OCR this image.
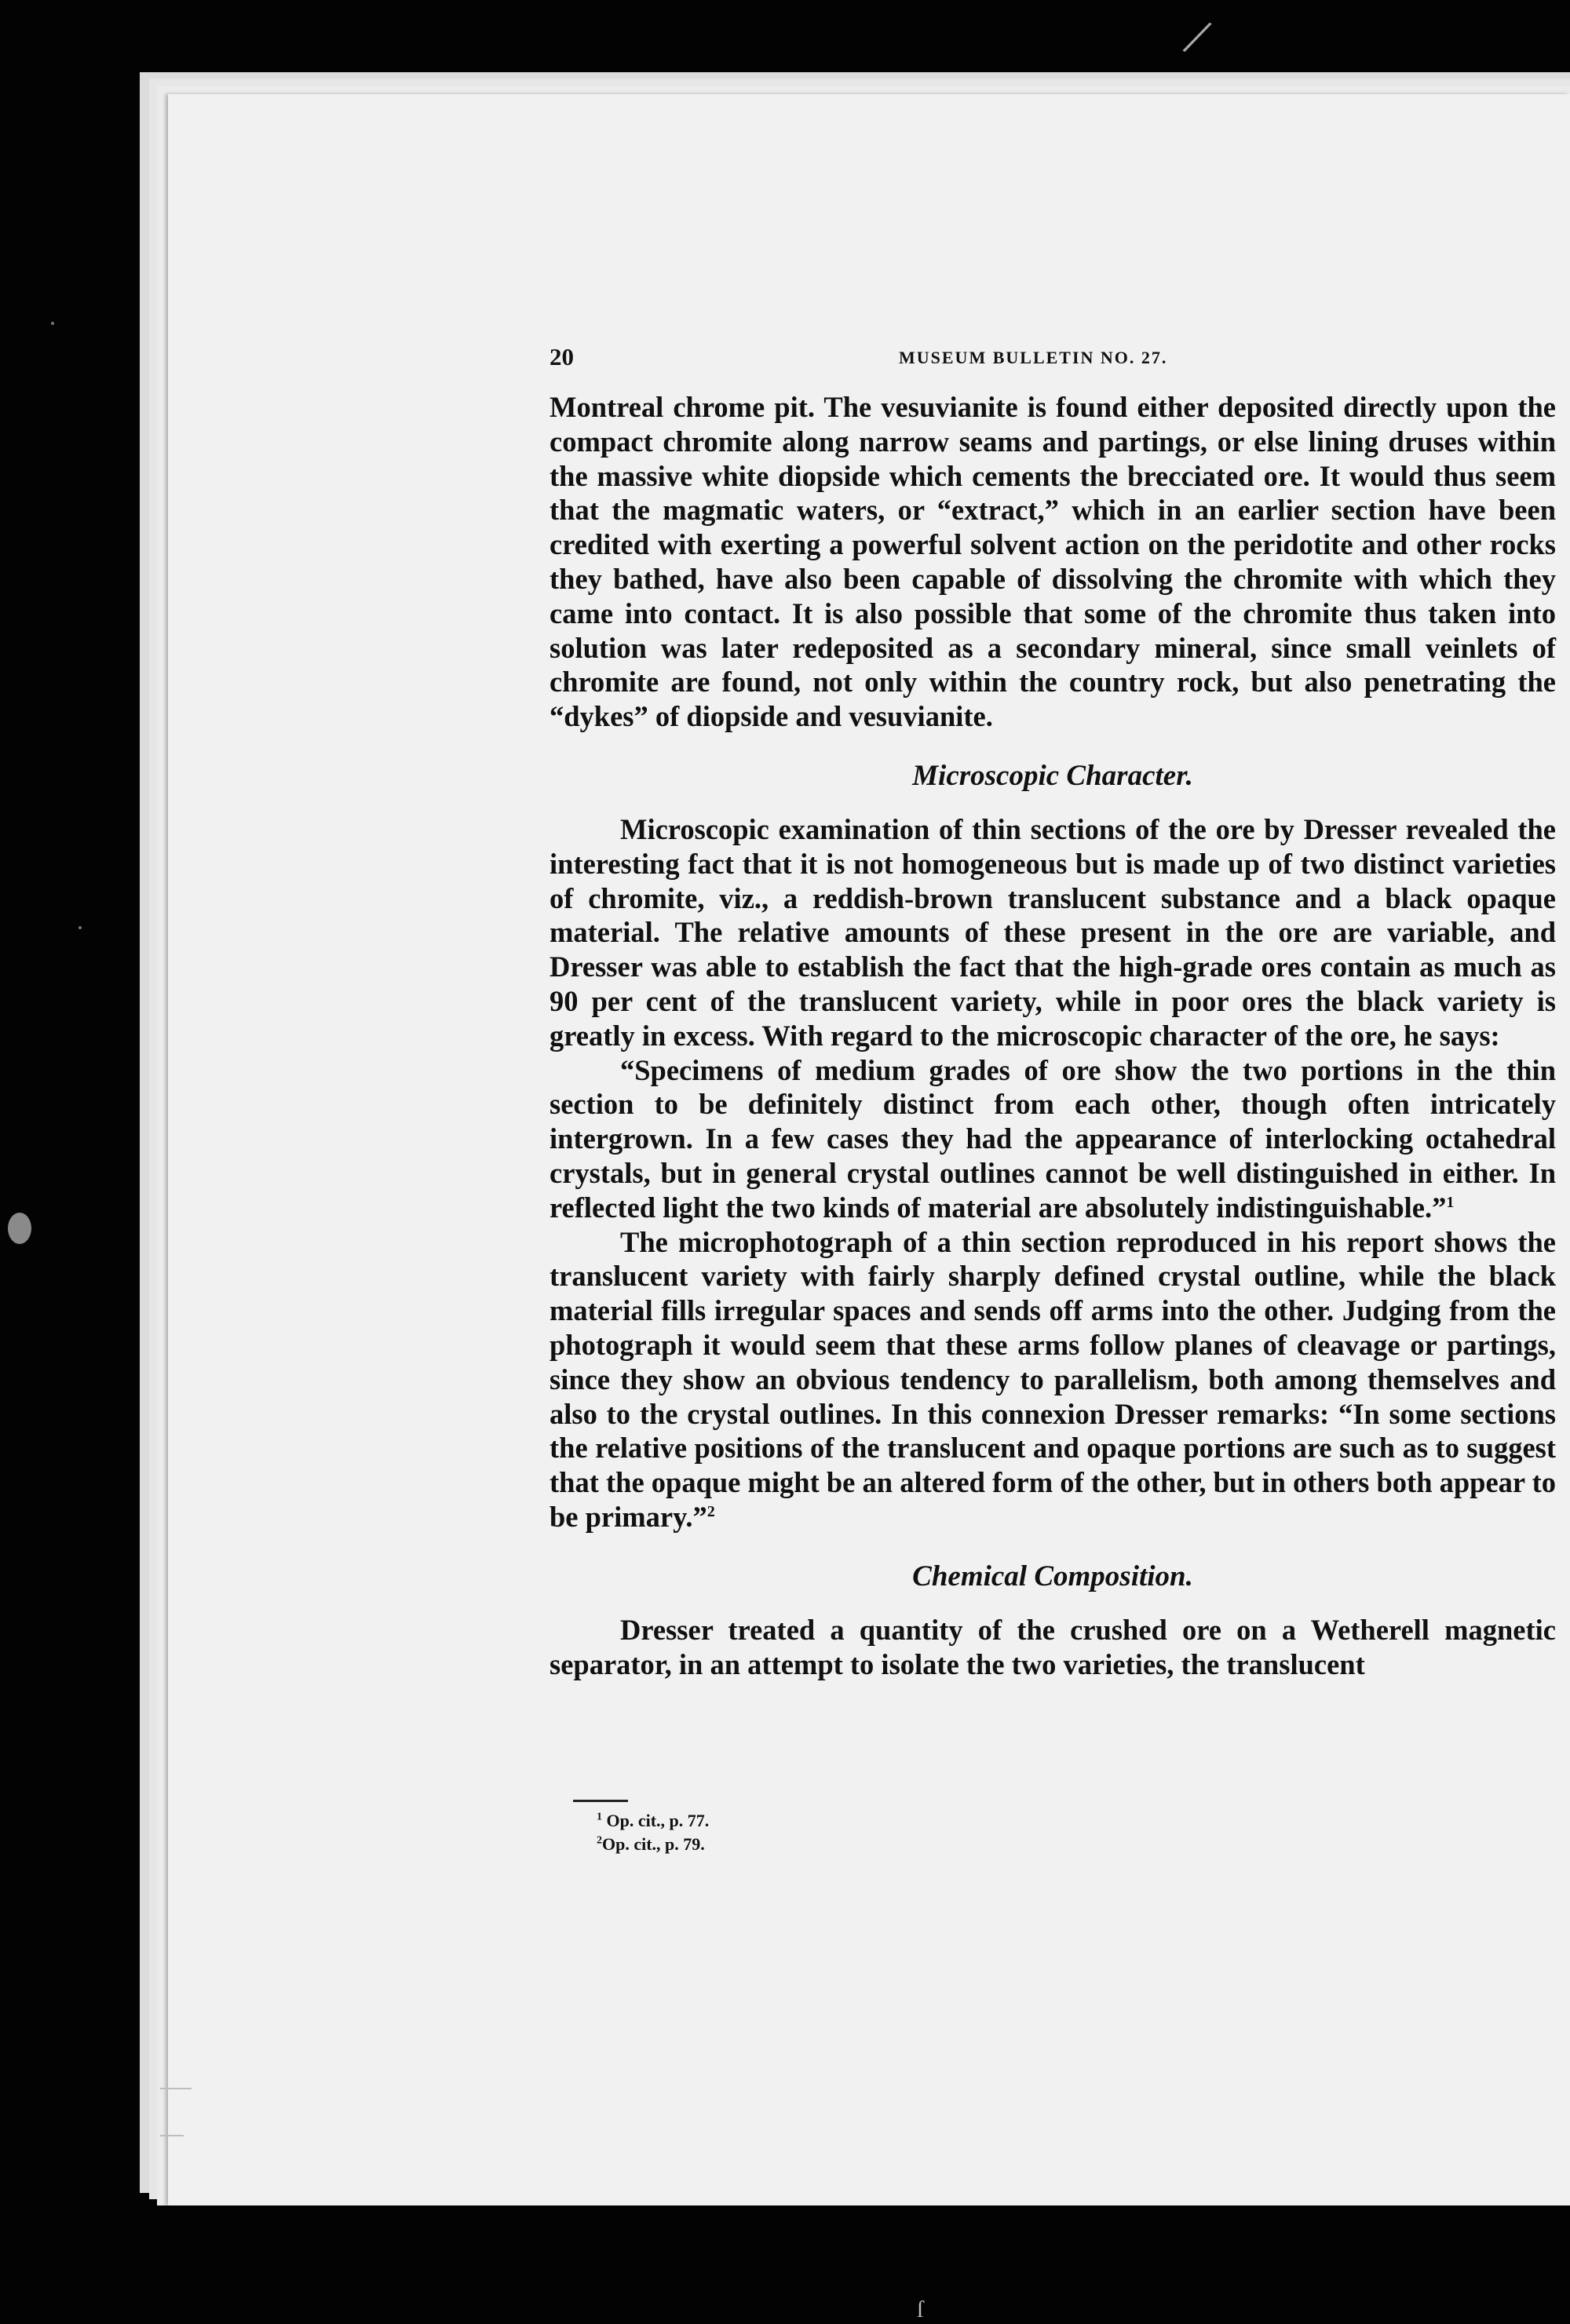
/
20	MUSEUM BULLETIN NO. 27.

Montreal chrome pit. The vesuvianite is found either deposited directly upon the compact chromite along narrow seams and partings, or else lining druses within the massive white diopside which cements the brecciated ore. It would thus seem that the magmatic waters, or “extract,” which in an earlier section have been credited with exerting a powerful solvent action on the peridotite and other rocks they bathed, have also been capable of dissolving the chromite with which they came into contact. It is also possible that some of the chromite thus taken into solution was later redeposited as a secondary mineral, since small veinlets of chromite are found, not only within the country rock, but also penetrating the “dykes” of diopside and vesuvianite.

Microscopic Character.

Microscopic examination of thin sections of the ore by Dresser revealed the interesting fact that it is not homogeneous but is made up of two distinct varieties of chromite, viz., a reddish-brown translucent substance and a black opaque material. The relative amounts of these present in the ore are variable, and Dresser was able to establish the fact that the high-grade ores contain as much as 90 per cent of the translucent variety, while in poor ores the black variety is greatly in excess. With regard to the microscopic character of the ore, he says:

“Specimens of medium grades of ore show the two portions in the thin section to be definitely distinct from each other, though often intricately intergrown. In a few cases they had the appearance of interlocking octahedral crystals, but in general crystal outlines cannot be well distinguished in either. In reflected light the two kinds of material are absolutely indistinguishable.”$^1$

The microphotograph of a thin section reproduced in his report shows the translucent variety with fairly sharply defined crystal outline, while the black material fills irregular spaces and sends off arms into the other. Judging from the photograph it would seem that these arms follow planes of cleavage or partings, since they show an obvious tendency to parallelism, both among themselves and also to the crystal outlines. In this connexion Dresser remarks: “In some sections the relative positions of the translucent and opaque portions are such as to suggest that the opaque might be an altered form of the other, but in others both appear to be primary.”$^2$

Chemical Composition.

Dresser treated a quantity of the crushed ore on a Wetherell magnetic separator, in an attempt to isolate the two varieties, the translucent

$^1$ Op. cit., p. 77.
$^2$Op. cit., p. 79.
ſ
